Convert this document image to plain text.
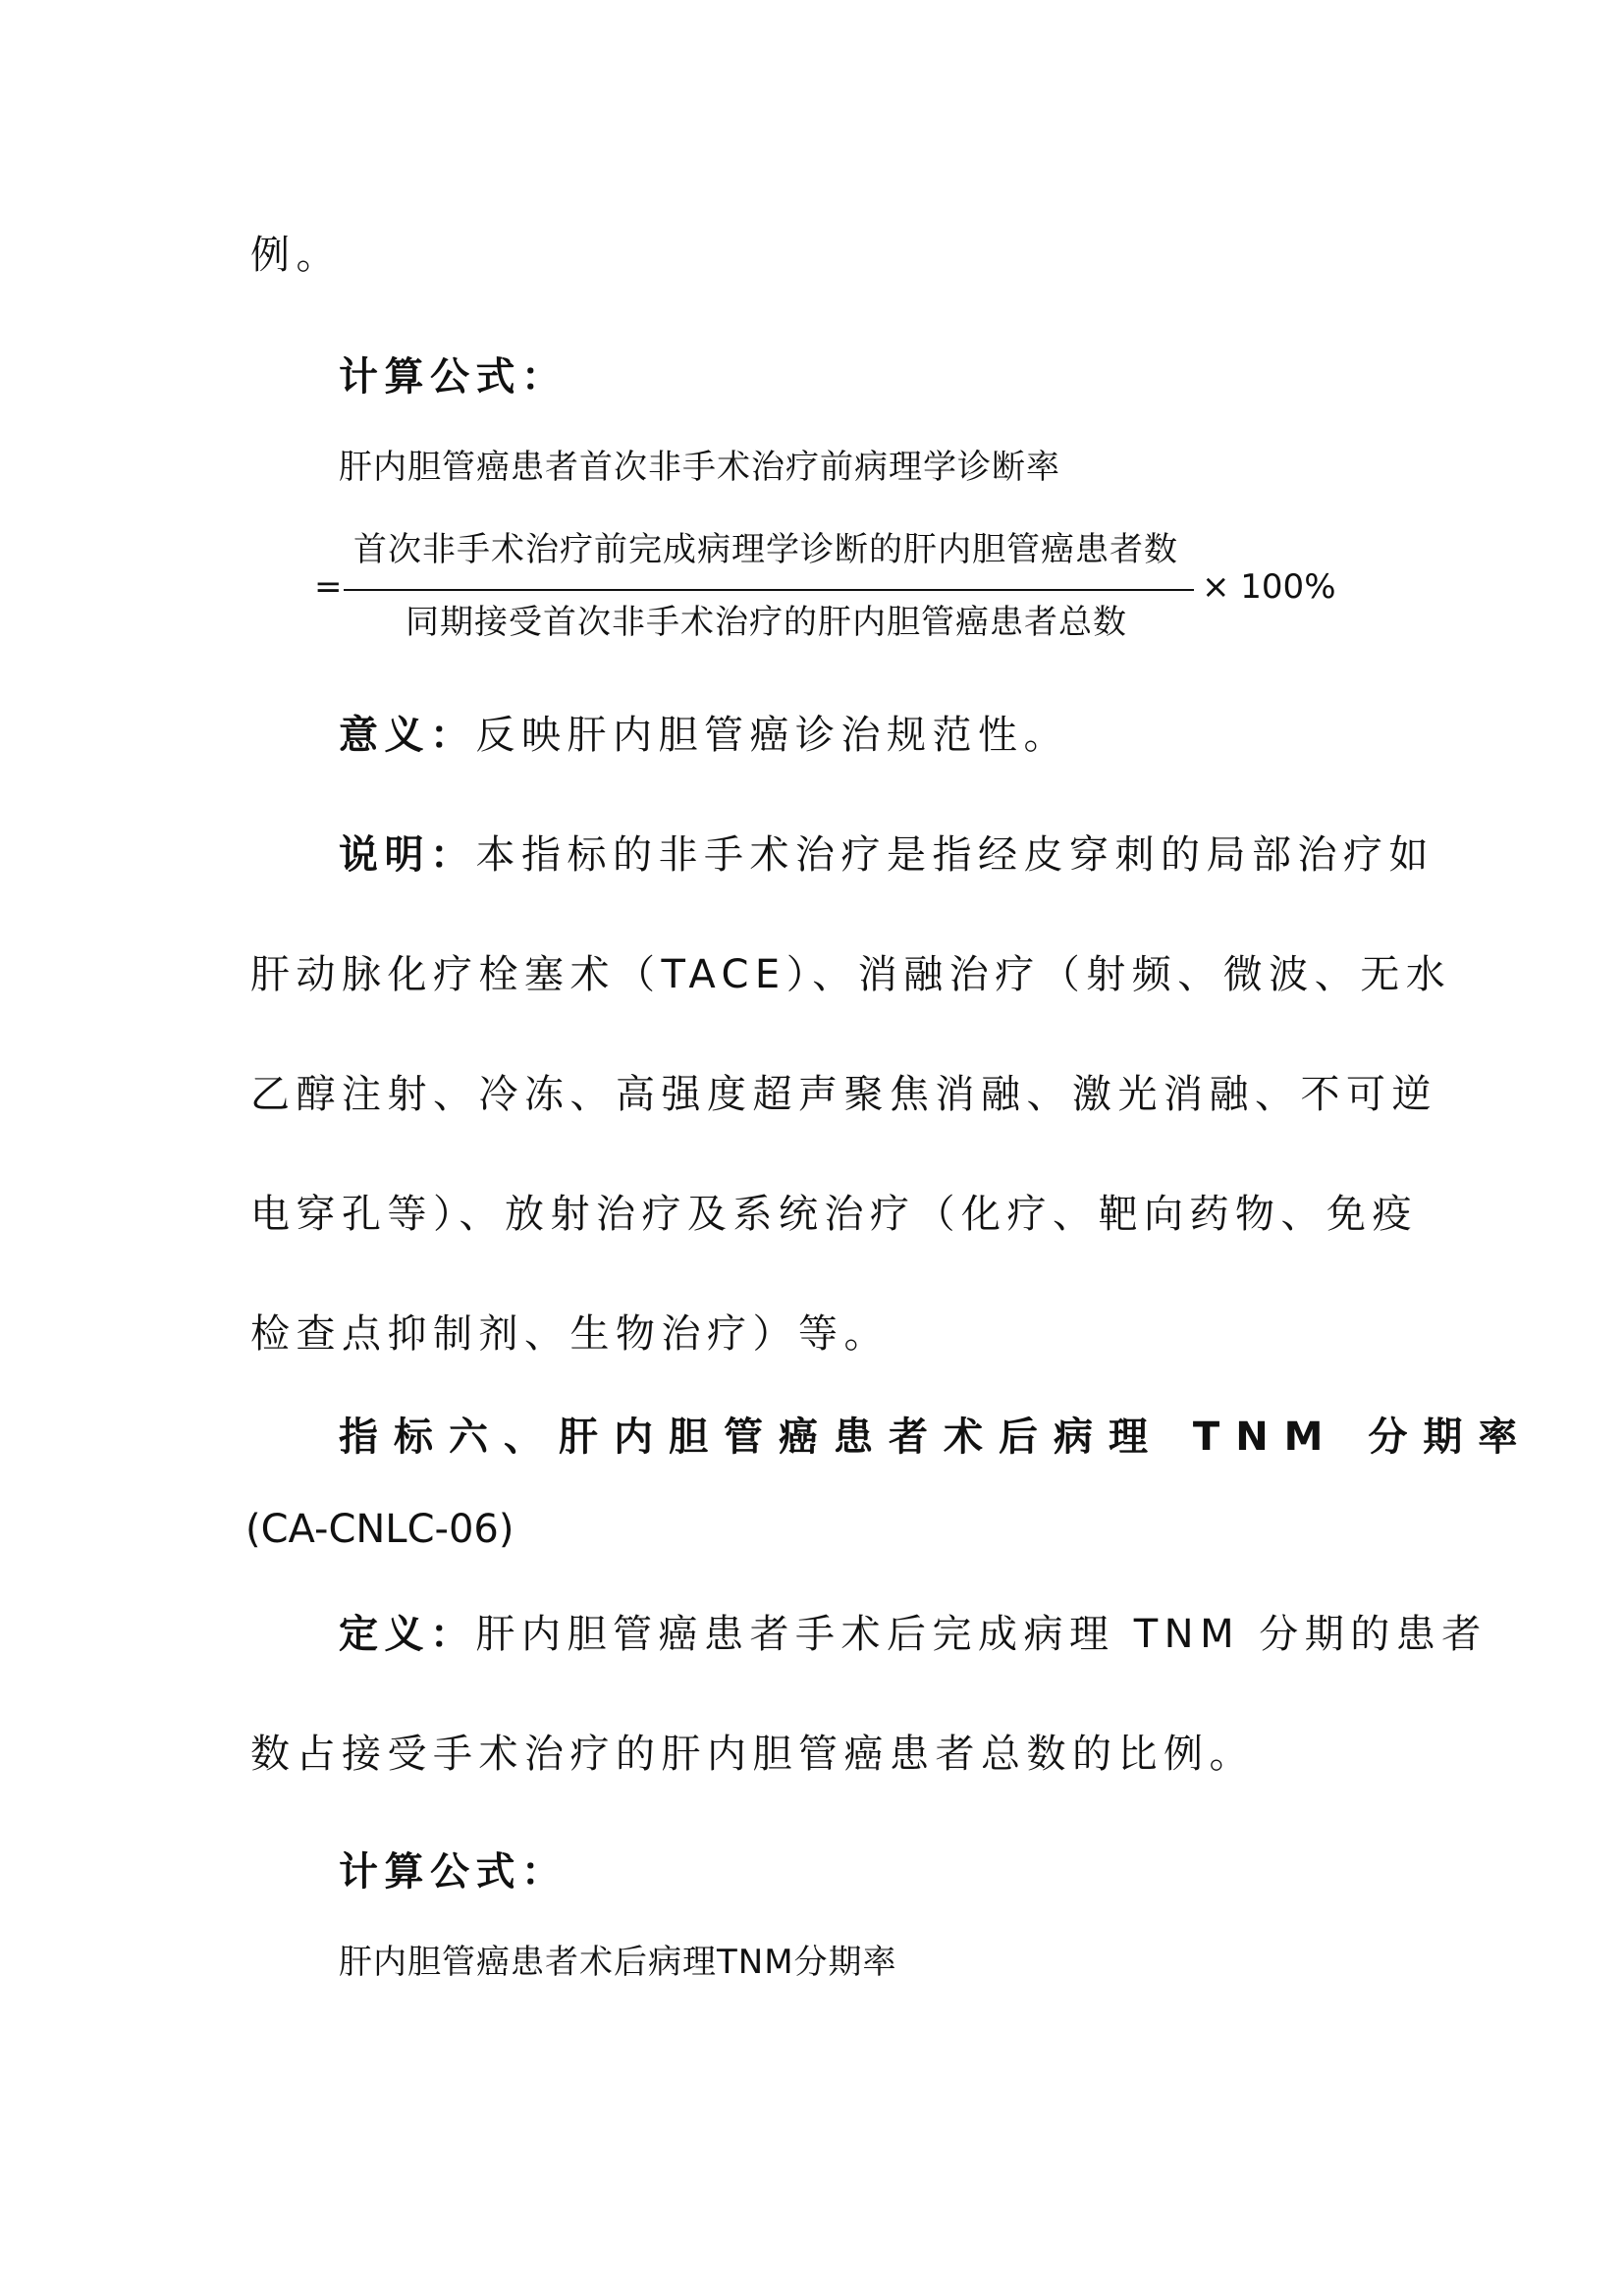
例。
计算公式：
肝内胆管癌患者首次非手术治疗前病理学诊断率
首次非手术治疗前完成病理学诊断的肝内胆管癌患者数
=	× 100%
同期接受首次非手术治疗的肝内胆管癌患者总数
意义：反映肝内胆管癌诊治规范性。
说明：本指标的非手术治疗是指经皮穿刺的局部治疗如
肝动脉化疗栓塞术（TACE）、消融治疗（射频、微波、无水
乙醇注射、冷冻、高强度超声聚焦消融、激光消融、不可逆
电穿孔等）、放射治疗及系统治疗（化疗、靶向药物、免疫
检查点抑制剂、生物治疗）等。
指标六、肝内胆管癌患者术后病理 TNM 分期率
(CA-CNLC-06)
定义：肝内胆管癌患者手术后完成病理 TNM 分期的患者
数占接受手术治疗的肝内胆管癌患者总数的比例。
计算公式：
肝内胆管癌患者术后病理TNM分期率
